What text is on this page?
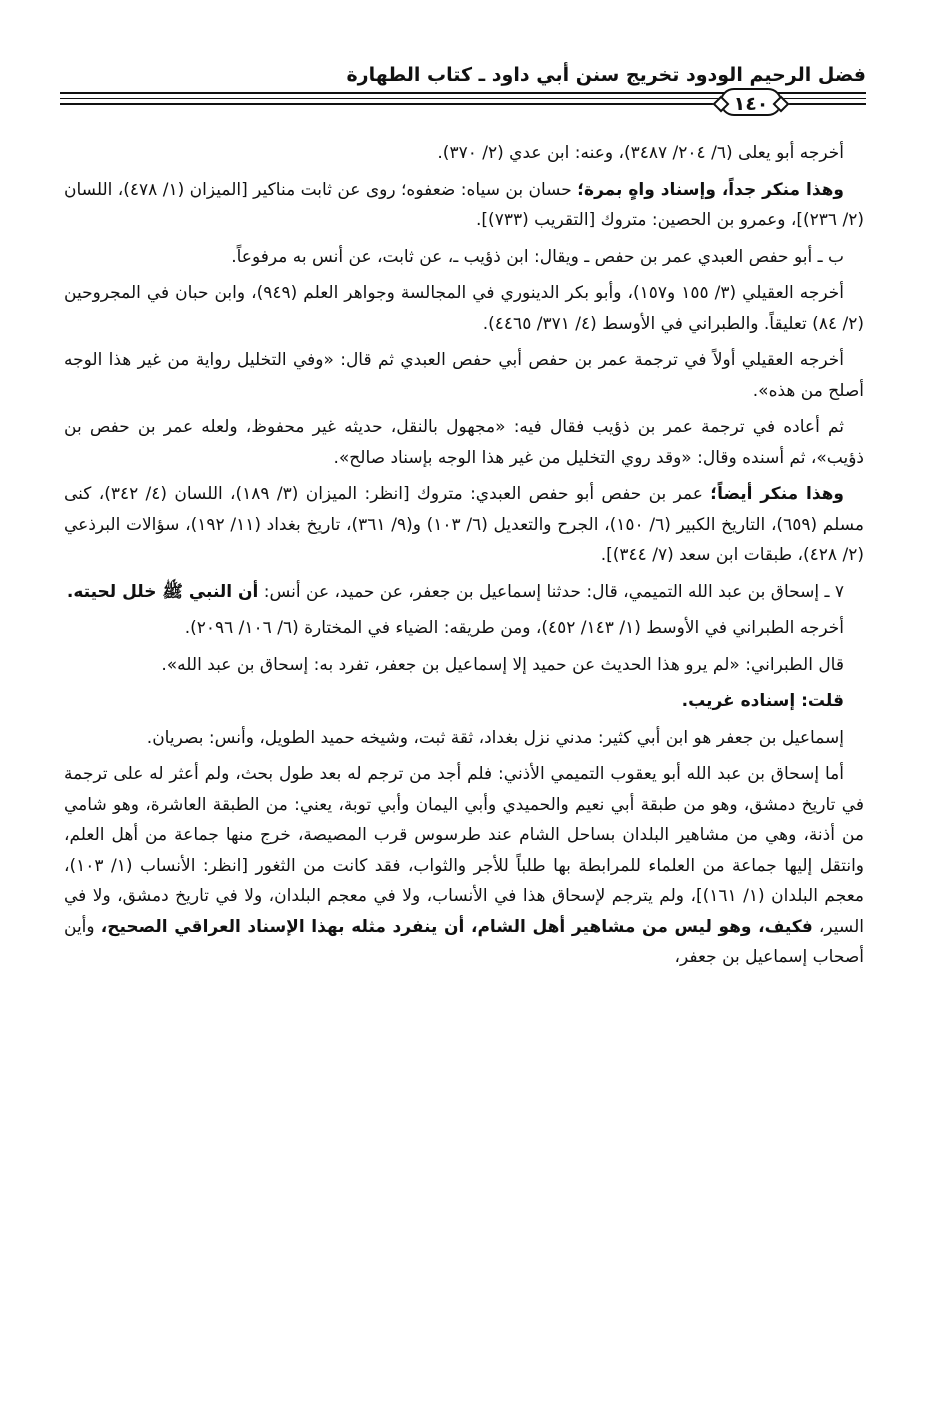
فضل الرحيم الودود تخريج سنن أبي داود ـ كتاب الطهارة
١٤٠

أخرجه أبو يعلى (٦/ ٢٠٤/ ٣٤٨٧)، وعنه: ابن عدي (٢/ ٣٧٠).

وهذا منكر جداً، وإسناد واهٍ بمرة؛ حسان بن سياه: ضعفوه؛ روى عن ثابت مناكير [الميزان (١/ ٤٧٨)، اللسان (٢/ ٢٣٦)]، وعمرو بن الحصين: متروك [التقريب (٧٣٣)].

ب ـ أبو حفص العبدي عمر بن حفص ـ ويقال: ابن ذؤيب ـ، عن ثابت، عن أنس به مرفوعاً.

أخرجه العقيلي (٣/ ١٥٥ و١٥٧)، وأبو بكر الدينوري في المجالسة وجواهر العلم (٩٤٩)، وابن حبان في المجروحين (٢/ ٨٤) تعليقاً. والطبراني في الأوسط (٤/ ٣٧١/ ٤٤٦٥).

أخرجه العقيلي أولاً في ترجمة عمر بن حفص أبي حفص العبدي ثم قال: «وفي التخليل رواية من غير هذا الوجه أصلح من هذه».

ثم أعاده في ترجمة عمر بن ذؤيب فقال فيه: «مجهول بالنقل، حديثه غير محفوظ، ولعله عمر بن حفص بن ذؤيب»، ثم أسنده وقال: «وقد روي التخليل من غير هذا الوجه بإسناد صالح».

وهذا منكر أيضاً؛ عمر بن حفص أبو حفص العبدي: متروك [انظر: الميزان (٣/ ١٨٩)، اللسان (٤/ ٣٤٢)، كنى مسلم (٦٥٩)، التاريخ الكبير (٦/ ١٥٠)، الجرح والتعديل (٦/ ١٠٣) و(٩/ ٣٦١)، تاريخ بغداد (١١/ ١٩٢)، سؤالات البرذعي (٢/ ٤٢٨)، طبقات ابن سعد (٧/ ٣٤٤)].

٧ ـ إسحاق بن عبد الله التميمي، قال: حدثنا إسماعيل بن جعفر، عن حميد، عن أنس: أن النبي ﷺ خلل لحيته.

أخرجه الطبراني في الأوسط (١/ ١٤٣/ ٤٥٢)، ومن طريقه: الضياء في المختارة (٦/ ١٠٦/ ٢٠٩٦).

قال الطبراني: «لم يرو هذا الحديث عن حميد إلا إسماعيل بن جعفر، تفرد به: إسحاق بن عبد الله».

قلت: إسناده غريب.

إسماعيل بن جعفر هو ابن أبي كثير: مدني نزل بغداد، ثقة ثبت، وشيخه حميد الطويل، وأنس: بصريان.

أما إسحاق بن عبد الله أبو يعقوب التميمي الأذني: فلم أجد من ترجم له بعد طول بحث، ولم أعثر له على ترجمة في تاريخ دمشق، وهو من طبقة أبي نعيم والحميدي وأبي اليمان وأبي توبة، يعني: من الطبقة العاشرة، وهو شامي من أذنة، وهي من مشاهير البلدان بساحل الشام عند طرسوس قرب المصيصة، خرج منها جماعة من أهل العلم، وانتقل إليها جماعة من العلماء للمرابطة بها طلباً للأجر والثواب، فقد كانت من الثغور [انظر: الأنساب (١/ ١٠٣)، معجم البلدان (١/ ١٦١)]، ولم يترجم لإسحاق هذا في الأنساب، ولا في معجم البلدان، ولا في تاريخ دمشق، ولا في السير، فكيف، وهو ليس من مشاهير أهل الشام، أن ينفرد مثله بهذا الإسناد العراقي الصحيح، وأين أصحاب إسماعيل بن جعفر،
